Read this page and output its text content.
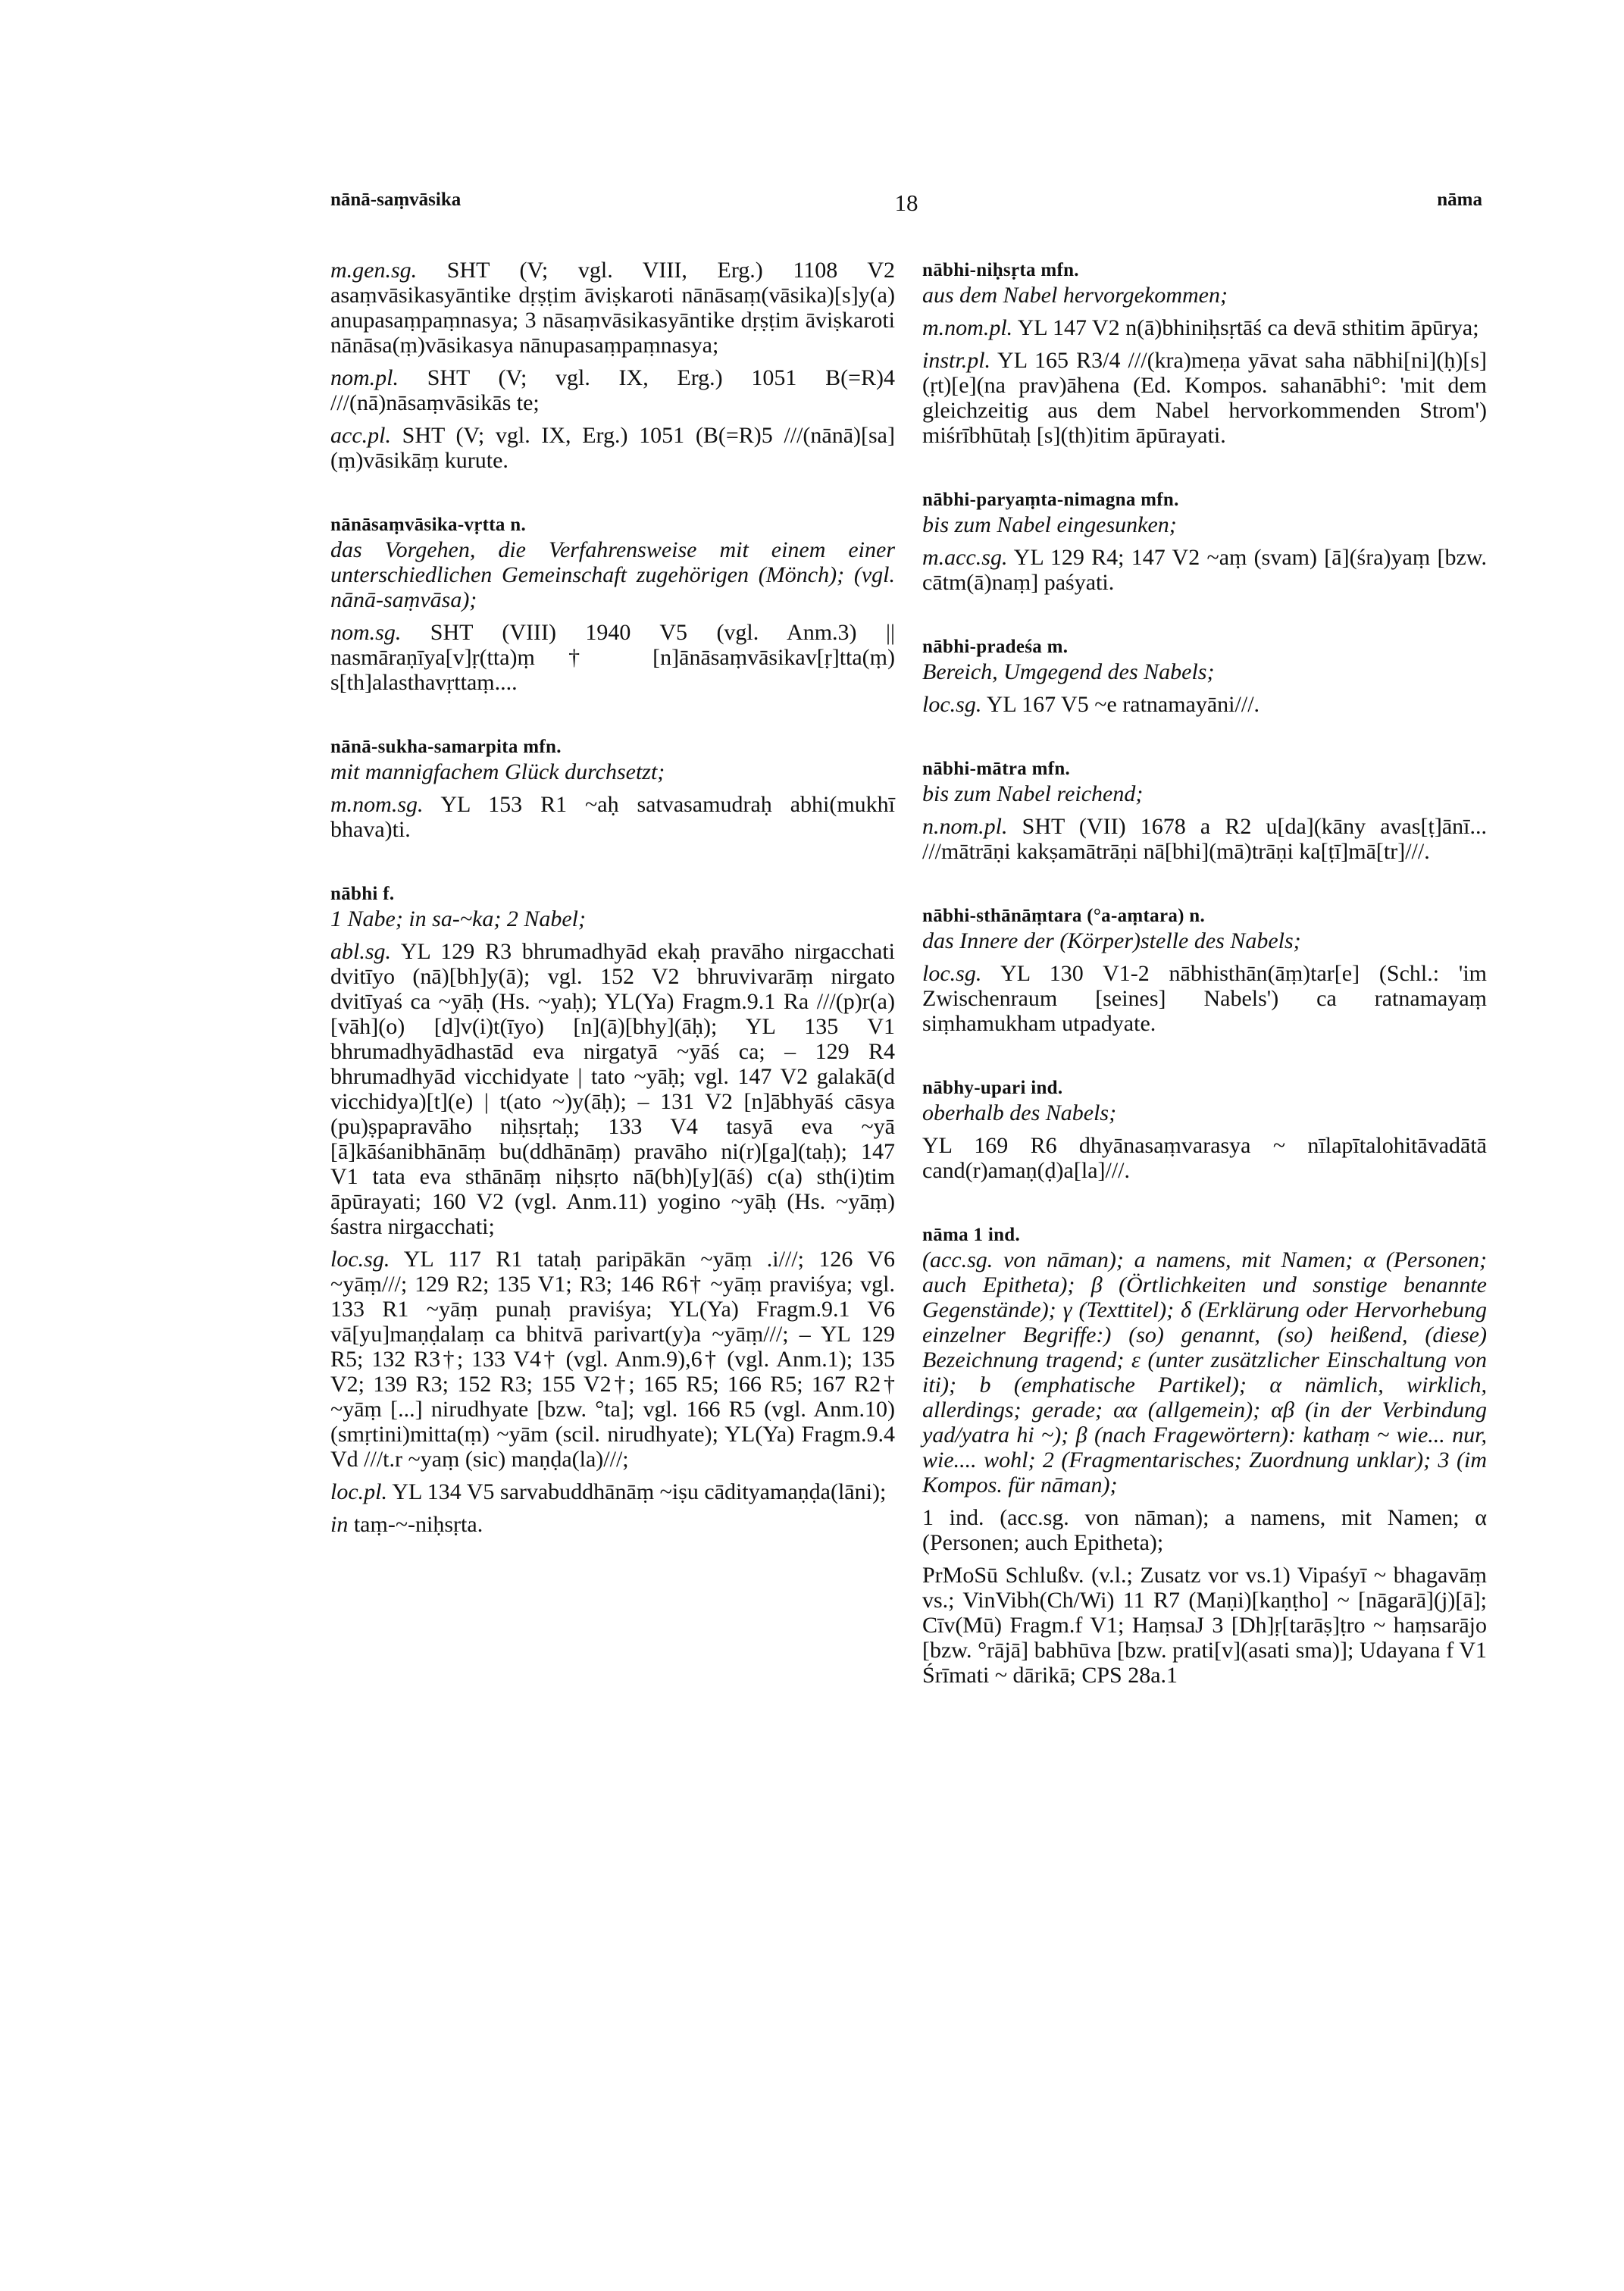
nānā-saṃvāsika	18	nāma
m.gen.sg. SHT (V; vgl. VIII, Erg.) 1108 V2 asaṃvāsikasyāntike dṛṣṭim āviṣkaroti nānāsaṃ(vāsika)[s]y(a) anupasaṃpaṃnasya; 3 nāsaṃvāsikasyāntike dṛṣṭim āviṣkaroti nānāsa(ṃ)vāsikasya nānupasaṃpaṃnasya;
nom.pl. SHT (V; vgl. IX, Erg.) 1051 B(=R)4 ///(nā)nāsaṃvāsikās te;
acc.pl. SHT (V; vgl. IX, Erg.) 1051 (B(=R)5 ///(nānā)[sa](ṃ)vāsikāṃ kurute.
nānāsaṃvāsika-vṛtta n.
das Vorgehen, die Verfahrensweise mit einem einer unterschiedlichen Gemeinschaft zugehörigen (Mönch); (vgl. nānā-saṃvāsa);
nom.sg. SHT (VIII) 1940 V5 (vgl. Anm.3) || nasmāraṇīya[v]ṛ(tta)ṃ† [n]ānāsaṃvāsikav[ṛ]tta(ṃ) s[th]alasthavṛttaṃ....
nānā-sukha-samarpita mfn.
mit mannigfachem Glück durchsetzt;
m.nom.sg. YL 153 R1 ~aḥ satvasamudraḥ abhi(mukhī bhava)ti.
nābhi f.
1 Nabe; in sa-~ka; 2 Nabel;
abl.sg. YL 129 R3 bhrumadhyād ekaḥ pravāho nirgacchati dvitīyo (nā)[bh]y(ā); vgl. 152 V2 bhruvivarāṃ nirgato dvitīyaś ca ~yāḥ (Hs. ~yaḥ); YL(Ya) Fragm.9.1 Ra ///(p)r(a)[vāh](o) [d]v(i)t(īyo) [n](ā)[bhy](āḥ); YL 135 V1 bhrumadhyādhastād eva nirgatyā ~yāś ca; – 129 R4 bhrumadhyād vicchidyate | tato ~yāḥ; vgl. 147 V2 galakā(d vicchidya)[t](e) | t(ato ~)y(āḥ); – 131 V2 [n]ābhyāś cāsya (pu)ṣpapravāho niḥsṛtaḥ; 133 V4 tasyā eva ~yā [ā]kāśanibhānāṃ bu(ddhānāṃ) pravāho ni(r)[ga](taḥ); 147 V1 tata eva sthānāṃ niḥsṛto nā(bh)[y](āś) c(a) sth(i)tim āpūrayati; 160 V2 (vgl. Anm.11) yogino ~yāḥ (Hs. ~yāṃ) śastra nirgacchati;
loc.sg. YL 117 R1 tataḥ paripākān ~yāṃ .i///; 126 V6 ~yāṃ///; 129 R2; 135 V1; R3; 146 R6† ~yāṃ praviśya; vgl. 133 R1 ~yāṃ punaḥ praviśya; YL(Ya) Fragm.9.1 V6 vā[yu]maṇḍalaṃ ca bhitvā parivart(y)a ~yāṃ///; – YL 129 R5; 132 R3†; 133 V4† (vgl. Anm.9),6† (vgl. Anm.1); 135 V2; 139 R3; 152 R3; 155 V2†; 165 R5; 166 R5; 167 R2† ~yāṃ [...] nirudhyate [bzw. °ta]; vgl. 166 R5 (vgl. Anm.10) (smṛtini)mitta(ṃ) ~yām (scil. nirudhyate); YL(Ya) Fragm.9.4 Vd ///t.r ~yaṃ (sic) maṇḍa(la)///;
loc.pl. YL 134 V5 sarvabuddhānāṃ ~iṣu cādityamaṇḍa(lāni);
in taṃ-~-niḥsṛta.
nābhi-niḥsṛta mfn.
aus dem Nabel hervorgekommen;
m.nom.pl. YL 147 V2 n(ā)bhiniḥsṛtāś ca devā sthitim āpūrya;
instr.pl. YL 165 R3/4 ///(kra)meṇa yāvat saha nābhi[ni](ḥ)[s](ṛt)[e](na prav)āhena (Ed. Kompos. sahanābhi°: 'mit dem gleichzeitig aus dem Nabel hervorkommenden Strom') miśrībhūtaḥ [s](th)itim āpūrayati.
nābhi-paryaṃta-nimagna mfn.
bis zum Nabel eingesunken;
m.acc.sg. YL 129 R4; 147 V2 ~aṃ (svam) [ā](śra)yaṃ [bzw. cātm(ā)naṃ] paśyati.
nābhi-pradeśa m.
Bereich, Umgegend des Nabels;
loc.sg. YL 167 V5 ~e ratnamayāni///.
nābhi-mātra mfn.
bis zum Nabel reichend;
n.nom.pl. SHT (VII) 1678 a R2 u[da](kāny avas[ṭ]ānī... ///mātrāṇi kakṣamātrāṇi nā[bhi](mā)trāṇi ka[ṭī]mā[tr]///.
nābhi-sthānāṃtara (°a-aṃtara) n.
das Innere der (Körper)stelle des Nabels;
loc.sg. YL 130 V1-2 nābhisthān(āṃ)tar[e] (Schl.: 'im Zwischenraum [seines] Nabels') ca ratnamayaṃ siṃhamukham utpadyate.
nābhy-upari ind.
oberhalb des Nabels;
YL 169 R6 dhyānasaṃvarasya ~ nīlapītalohitāvadātā cand(r)amaṇ(ḍ)a[la]///.
nāma 1 ind.
(acc.sg. von nāman); a namens, mit Namen; α (Personen; auch Epitheta); β (Örtlichkeiten und sonstige benannte Gegenstände); γ (Texttitel); δ (Erklärung oder Hervorhebung einzelner Begriffe:) (so) genannt, (so) heißend, (diese) Bezeichnung tragend; ε (unter zusätzlicher Einschaltung von iti); b (emphatische Partikel); α nämlich, wirklich, allerdings; gerade; αα (allgemein); αβ (in der Verbindung yad/yatra hi ~); β (nach Fragewörtern): kathaṃ ~ wie... nur, wie.... wohl; 2 (Fragmentarisches; Zuordnung unklar); 3 (im Kompos. für nāman);
1 ind. (acc.sg. von nāman); a namens, mit Namen; α (Personen; auch Epitheta);
PrMoSū Schlußv. (v.l.; Zusatz vor vs.1) Vipaśyī ~ bhagavāṃ vs.; VinVibh(Ch/Wi) 11 R7 (Maṇi)[kaṇṭho] ~ [nāgarā](j)[ā]; Cīv(Mū) Fragm.f V1; HaṃsaJ 3 [Dh]ṛ[tarāṣ]ṭro ~ haṃsarājo [bzw. °rājā] babhūva [bzw. prati[v](asati sma)]; Udayana f V1 Śrīmati ~ dārikā; CPS 28a.1
